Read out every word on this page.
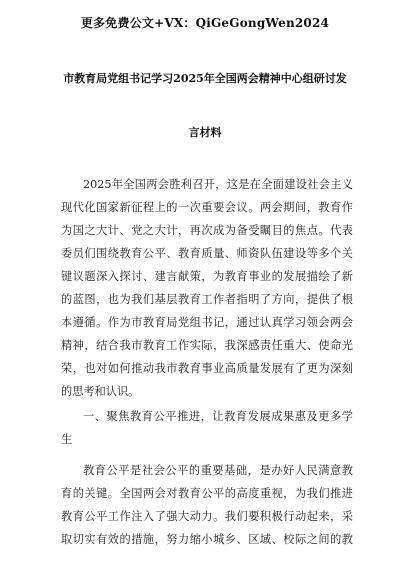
更多免费公文+VX：QiGeGongWen2024
市教育局党组书记学习2025年全国两会精神中心组研讨发
言材料
2025年全国两会胜利召开，这是在全面建设社会主义
现代化国家新征程上的一次重要会议。两会期间，教育作
为国之大计、党之大计，再次成为备受瞩目的焦点。代表
委员们围绕教育公平、教育质量、师资队伍建设等多个关
键议题深入探讨、建言献策，为教育事业的发展描绘了新
的蓝图，也为我们基层教育工作者指明了方向，提供了根
本遵循。作为市教育局党组书记，通过认真学习领会两会
精神，结合我市教育工作实际，我深感责任重大、使命光
荣，也对如何推动我市教育事业高质量发展有了更为深刻
的思考和认识。
一、聚焦教育公平推进，让教育发展成果惠及更多学
生
教育公平是社会公平的重要基础，是办好人民满意教
育的关键。全国两会对教育公平的高度重视，为我们推进
教育公平工作注入了强大动力。我们要积极行动起来，采
取切实有效的措施，努力缩小城乡、区域、校际之间的教
